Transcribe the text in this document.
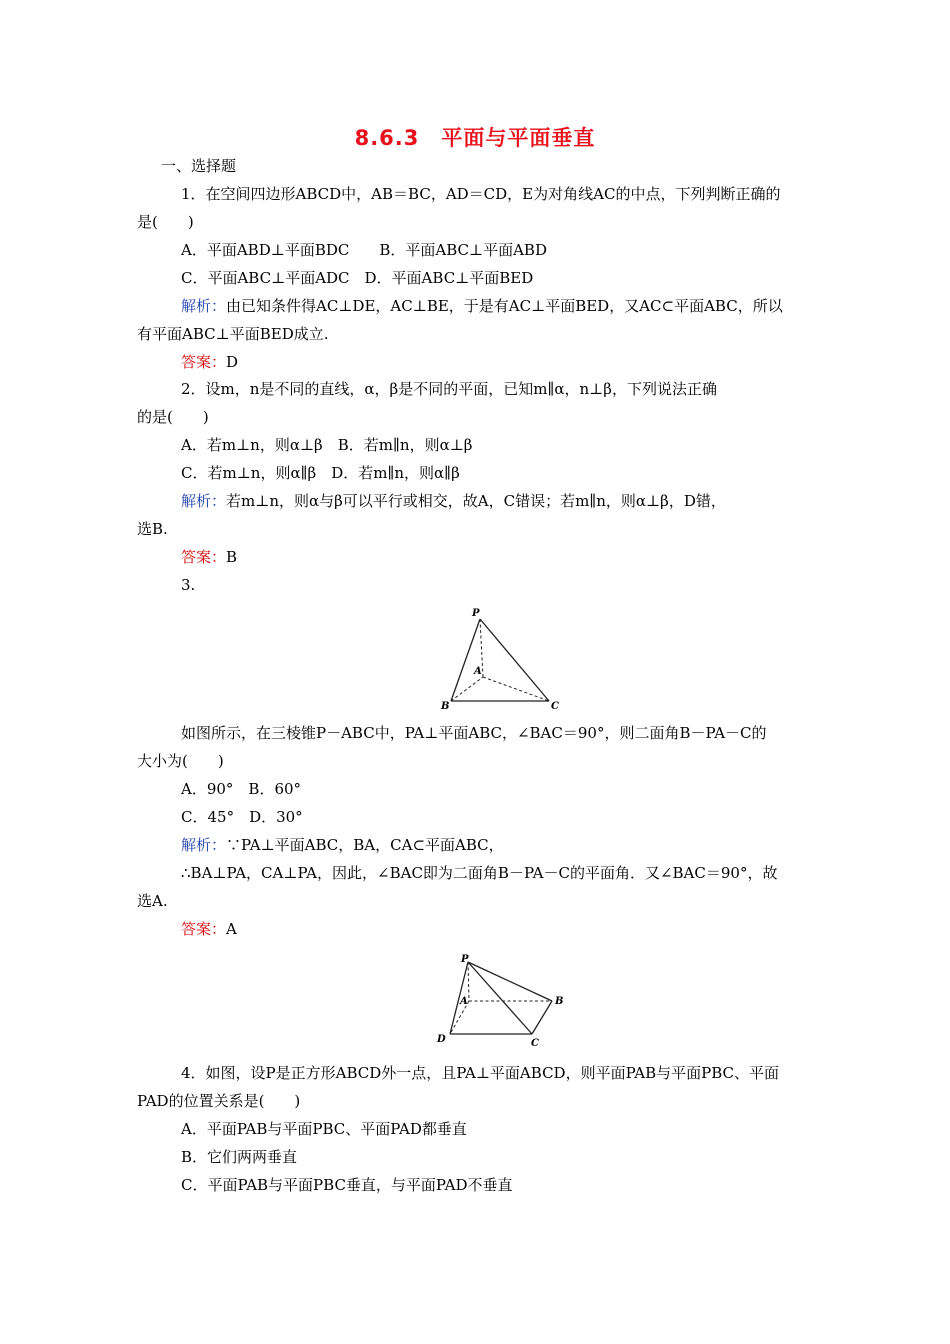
8.6.3　平面与平面垂直
一、选择题
1．在空间四边形ABCD中，AB＝BC，AD＝CD，E为对角线AC的中点，下列判断正确的
是(　　)
A．平面ABD⊥平面BDC　　B．平面ABC⊥平面ABD
C．平面ABC⊥平面ADC　D．平面ABC⊥平面BED
解析：由已知条件得AC⊥DE，AC⊥BE，于是有AC⊥平面BED，又AC⊂平面ABC，所以
有平面ABC⊥平面BED成立.
答案：D
2．设m，n是不同的直线，α，β是不同的平面，已知m∥α，n⊥β，下列说法正确
的是(　　)
A．若m⊥n，则α⊥β　B．若m∥n，则α⊥β
C．若m⊥n，则α∥β　D．若m∥n，则α∥β
解析：若m⊥n，则α与β可以平行或相交，故A，C错误；若m∥n，则α⊥β，D错，
选B.
答案：B
3.
P
A
B	C
如图所示，在三棱锥P－ABC中，PA⊥平面ABC，∠BAC＝90°，则二面角B－PA－C的
大小为(　　)
A．90°　B．60°
C．45°　D．30°
解析：∵PA⊥平面ABC，BA，CA⊂平面ABC，
∴BA⊥PA，CA⊥PA，因此，∠BAC即为二面角B－PA－C的平面角．又∠BAC＝90°，故
选A.
答案：A
P
A	B
C
D
4．如图，设P是正方形ABCD外一点，且PA⊥平面ABCD，则平面PAB与平面PBC、平面
PAD的位置关系是(　　)
A．平面PAB与平面PBC、平面PAD都垂直
B．它们两两垂直
C．平面PAB与平面PBC垂直，与平面PAD不垂直
